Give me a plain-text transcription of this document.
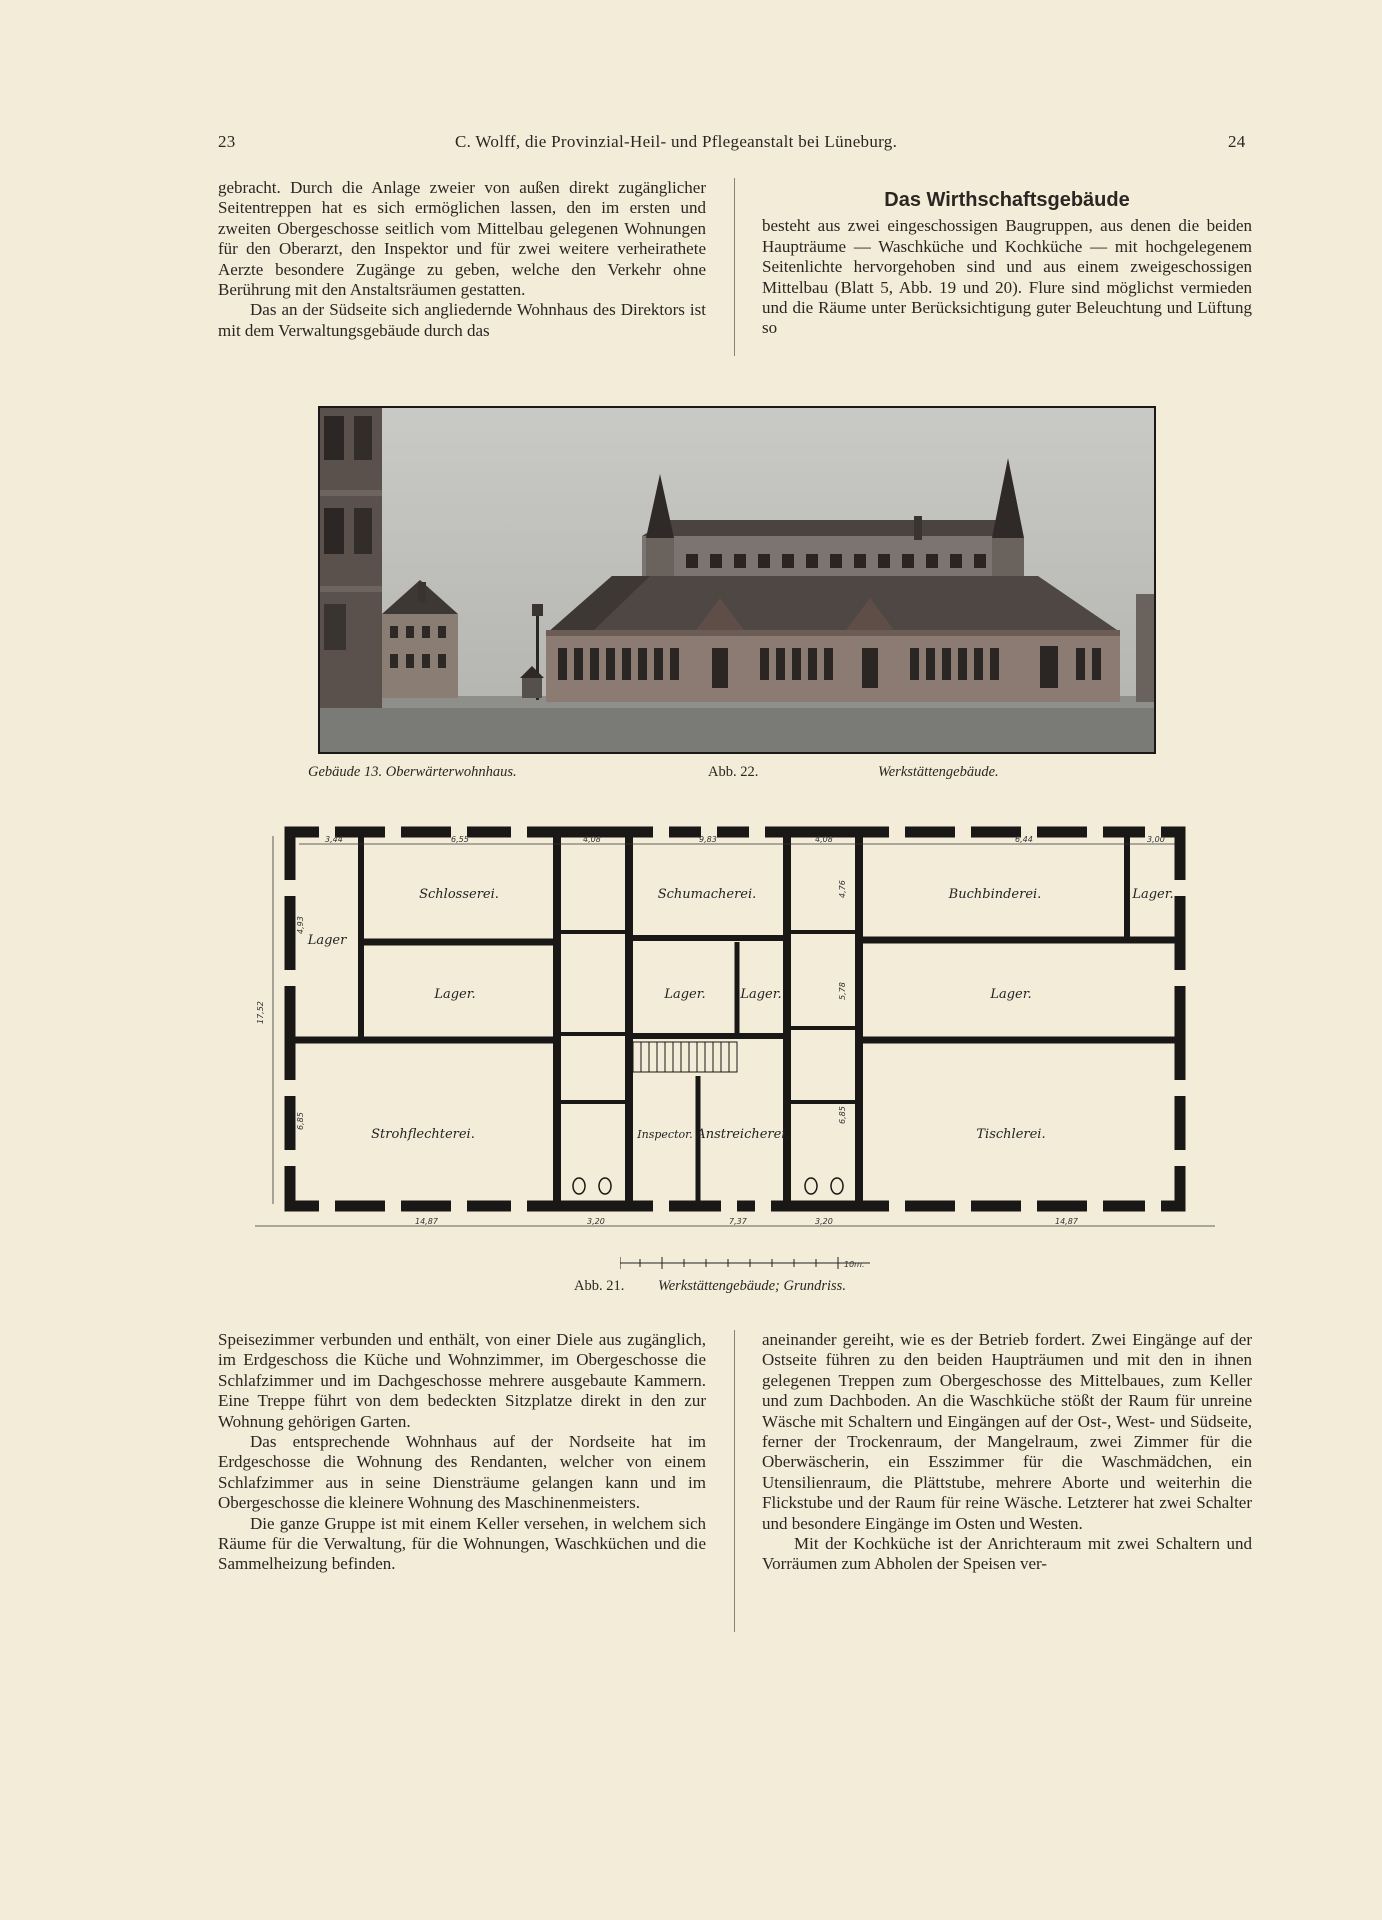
23	C. Wolff, die Provinzial-Heil- und Pflegeanstalt bei Lüneburg.	24

gebracht. Durch die Anlage zweier von außen direkt zugänglicher Seitentreppen hat es sich ermöglichen lassen, den im ersten und zweiten Obergeschosse seitlich vom Mittelbau gelegenen Wohnungen für den Oberarzt, den Inspektor und für zwei weitere verheirathete Aerzte besondere Zugänge zu geben, welche den Verkehr ohne Berührung mit den Anstaltsräumen gestatten.

Das an der Südseite sich angliedernde Wohnhaus des Direktors ist mit dem Verwaltungsgebäude durch das

Das Wirthschaftsgebäude

besteht aus zwei eingeschossigen Baugruppen, aus denen die beiden Haupträume — Waschküche und Kochküche — mit hochgelegenem Seitenlichte hervorgehoben sind und aus einem zweigeschossigen Mittelbau (Blatt 5, Abb. 19 und 20). Flure sind möglichst vermieden und die Räume unter Berücksichtigung guter Beleuchtung und Lüftung so

Gebäude 13. Oberwärterwohnhaus.	Abb. 22.	Werkstättengebäude.
Schlosserei.	Schumacherei.	Buchbinderei.	Lager.
Lager
Lager.	Lager.	Lager.	Lager.
Strohflechterei.	Inspector. Anstreicherei.	Tischlerei.
3,44	6,55	4,08	9,83	4,08	6,44	3,00
14,87	3,20	7,37	3,20	14,87
17,52
4,93
6,85
4,76
5,78
6,85
10m.
Abb. 21. Werkstättengebäude; Grundriss.

Speisezimmer verbunden und enthält, von einer Diele aus zugänglich, im Erdgeschoss die Küche und Wohnzimmer, im Obergeschosse die Schlafzimmer und im Dachgeschosse mehrere ausgebaute Kammern. Eine Treppe führt von dem bedeckten Sitzplatze direkt in den zur Wohnung gehörigen Garten.

Das entsprechende Wohnhaus auf der Nordseite hat im Erdgeschosse die Wohnung des Rendanten, welcher von einem Schlafzimmer aus in seine Diensträume gelangen kann und im Obergeschosse die kleinere Wohnung des Maschinenmeisters.

Die ganze Gruppe ist mit einem Keller versehen, in welchem sich Räume für die Verwaltung, für die Wohnungen, Waschküchen und die Sammelheizung befinden.

aneinander gereiht, wie es der Betrieb fordert. Zwei Eingänge auf der Ostseite führen zu den beiden Haupträumen und mit den in ihnen gelegenen Treppen zum Obergeschosse des Mittelbaues, zum Keller und zum Dachboden. An die Waschküche stößt der Raum für unreine Wäsche mit Schaltern und Eingängen auf der Ost-, West- und Südseite, ferner der Trockenraum, der Mangelraum, zwei Zimmer für die Oberwäscherin, ein Esszimmer für die Waschmädchen, ein Utensilienraum, die Plättstube, mehrere Aborte und weiterhin die Flickstube und der Raum für reine Wäsche. Letzterer hat zwei Schalter und besondere Eingänge im Osten und Westen.

Mit der Kochküche ist der Anrichteraum mit zwei Schaltern und Vorräumen zum Abholen der Speisen ver-
